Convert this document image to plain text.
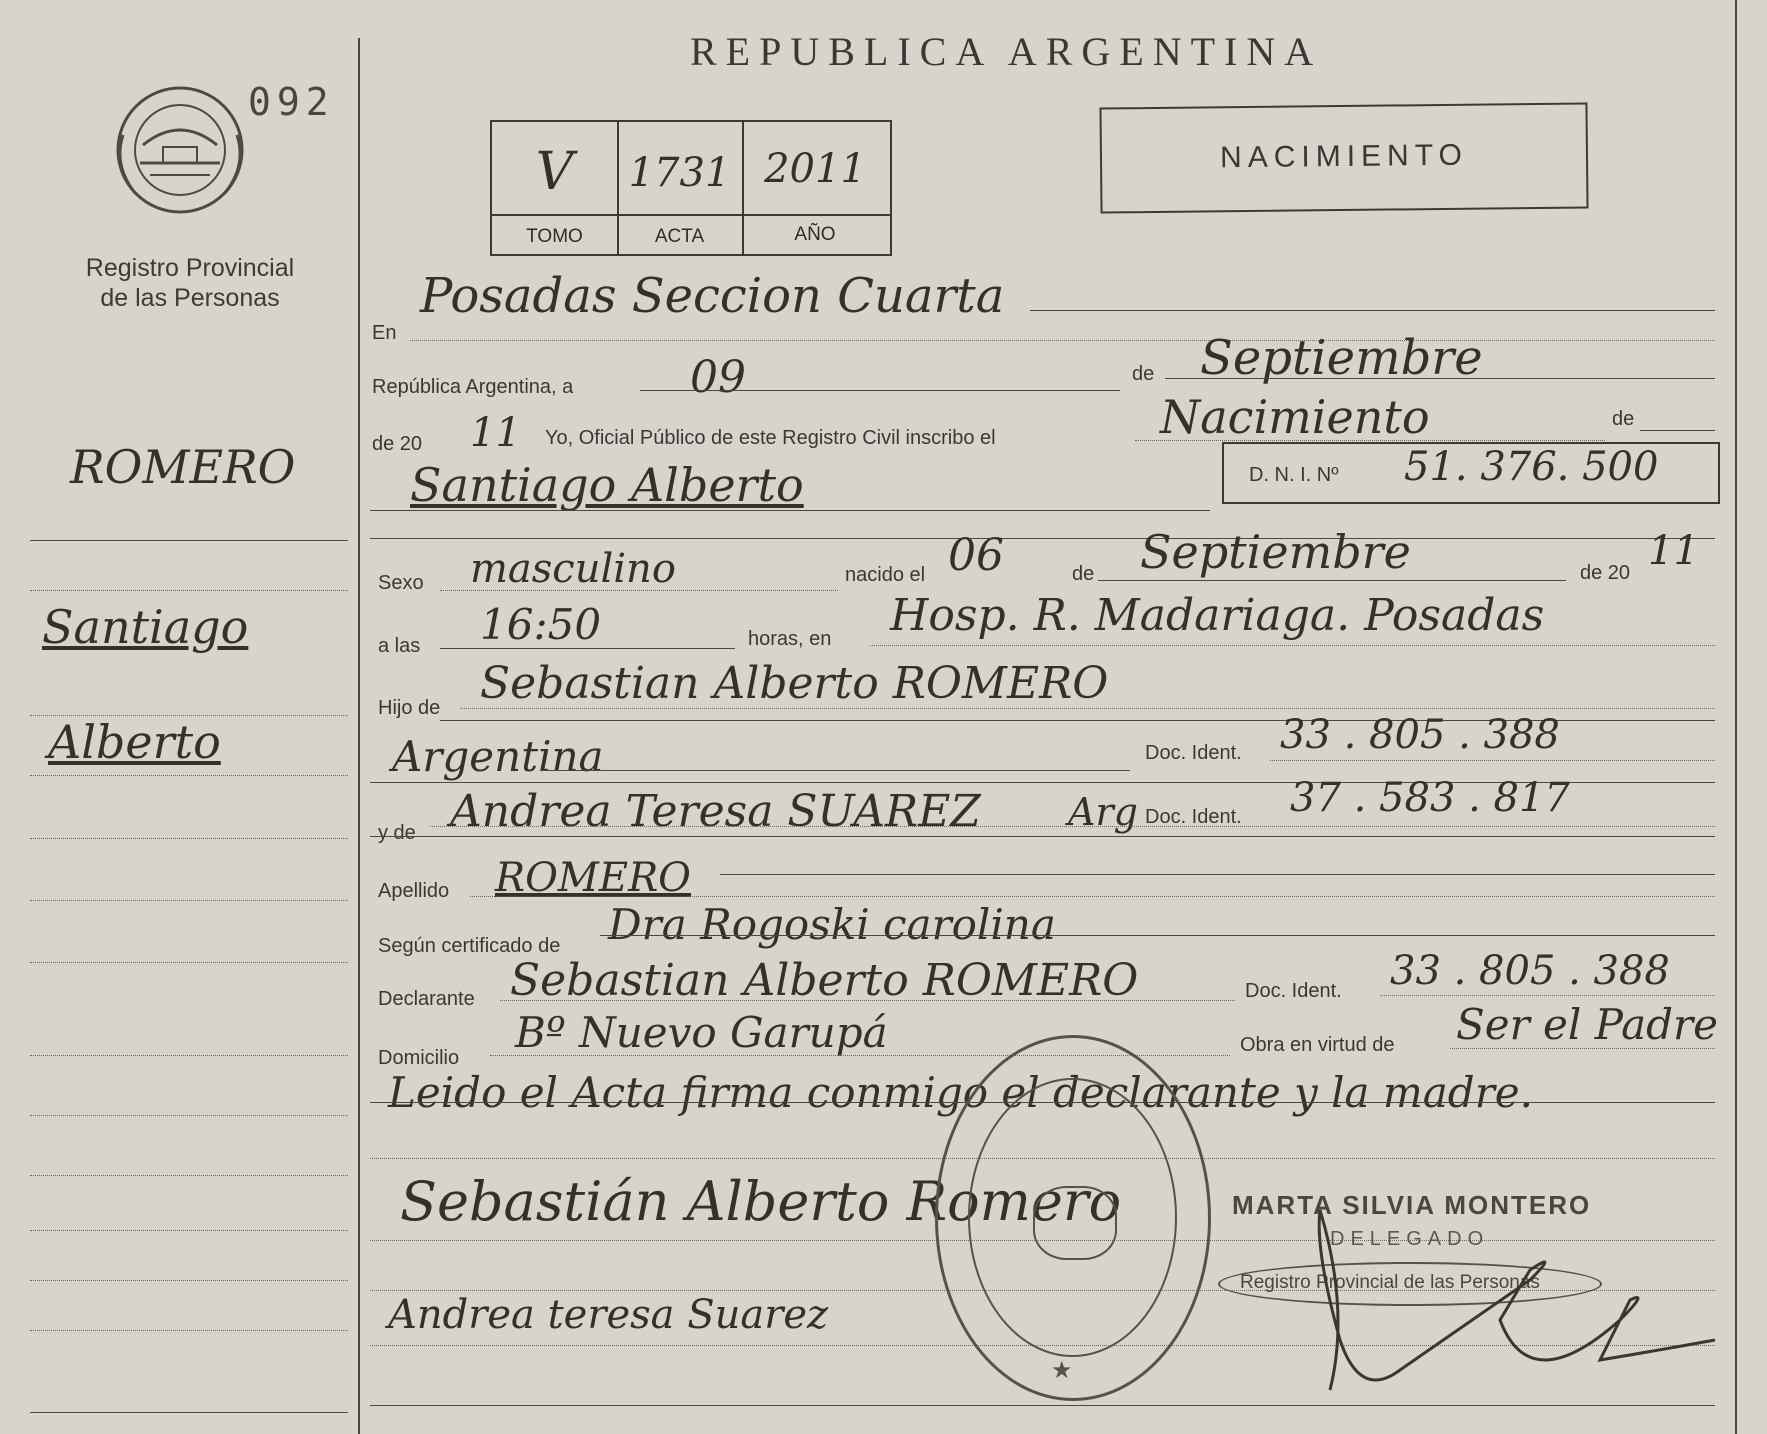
092
Registro Provincial
de las Personas
REPUBLICA ARGENTINA
V	1731 2011
TOMO	ACTA	AÑO
NACIMIENTO
ROMERO
Santiago
Alberto
En
Posadas Seccion Cuarta
República Argentina, a	09	de Septiembre
de 20 11 Yo, Oficial Público de este Registro Civil inscribo el	Nacimiento	de
Santiago Alberto	D. N. I. Nº 51. 376. 500
Sexo masculino	nacido el 06	de Septiembre	de 20 11
a las 16:50	horas, en Hosp. R. Madariaga. Posadas
Hijo de Sebastian Alberto ROMERO
Argentina	Doc. Ident. 33 . 805 . 388
y de Andrea Teresa SUAREZ Arg Doc. Ident. 37 . 583 . 817
Apellido ROMERO
Según certificado de Dra Rogoski carolina
Declarante Sebastian Alberto ROMERO	Doc. Ident. 33 . 805 . 388
Domicilio
Bº Nuevo Garupá	Obra en virtud de Ser el Padre
Leido el Acta firma conmigo el declarante y la madre.
Sebastián Alberto Romero
Andrea teresa Suarez
★
MARTA SILVIA MONTERO
DELEGADO
Registro Provincial de las Personas
